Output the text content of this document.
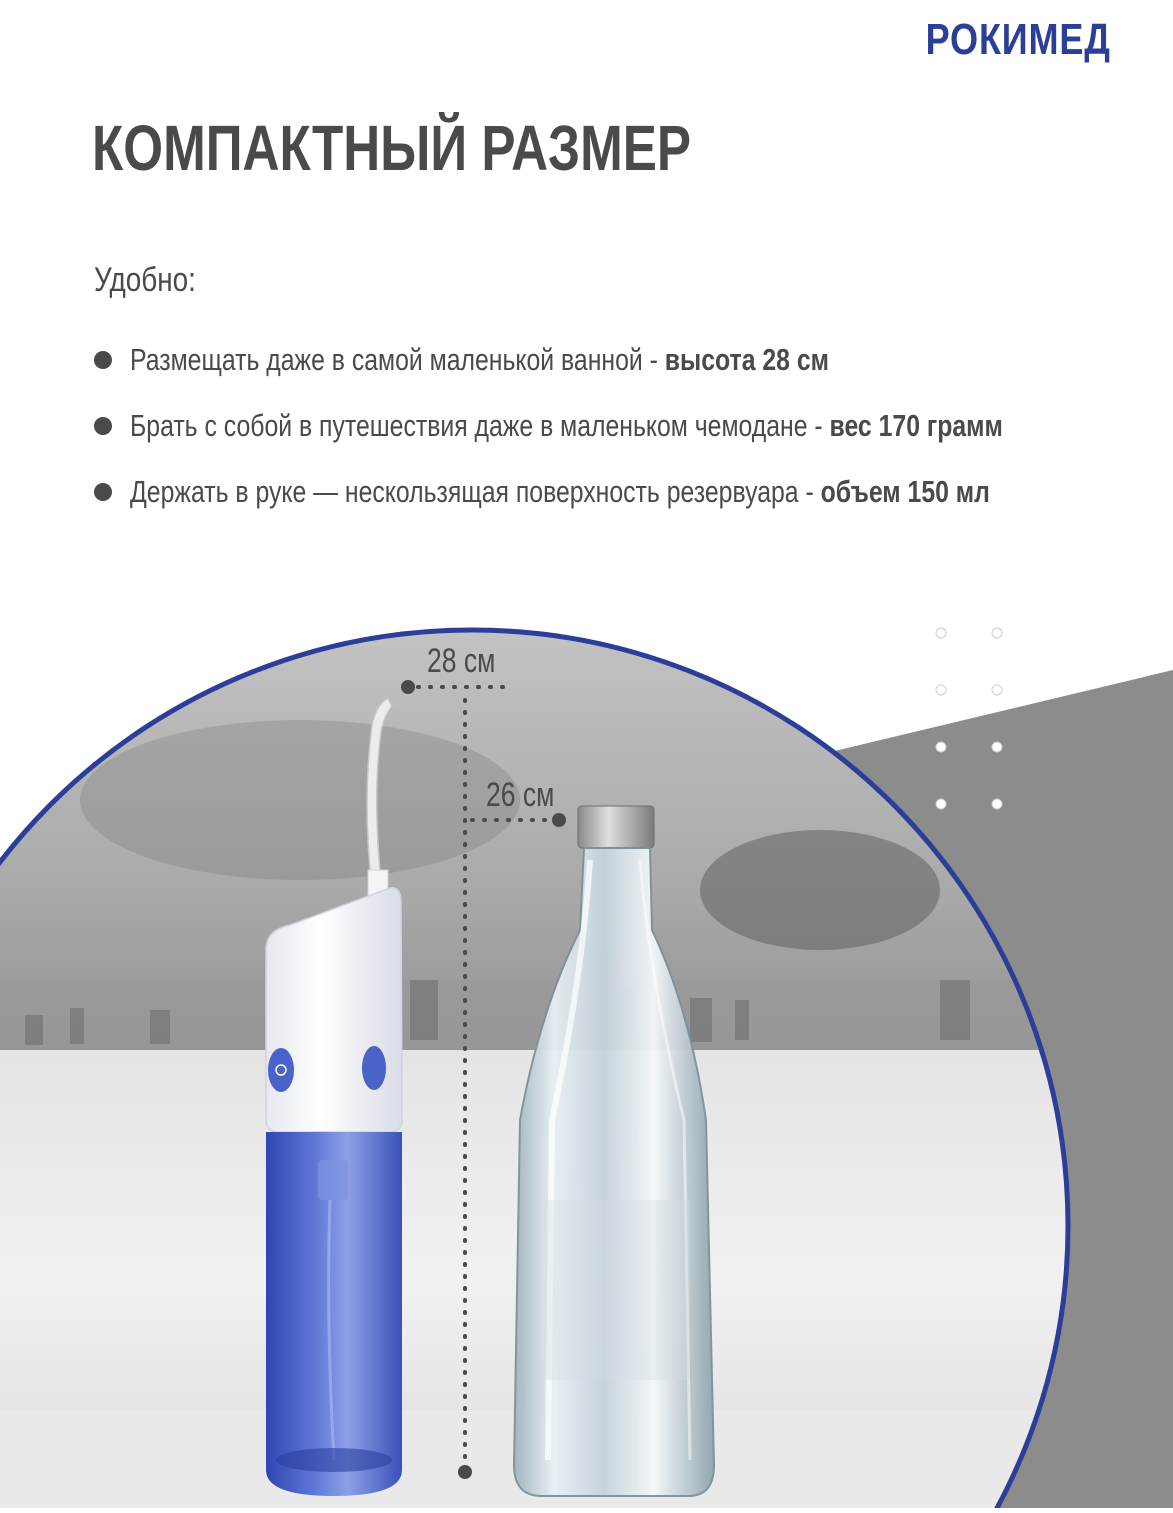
РОКИМЕД
КОМПАКТНЫЙ РАЗМЕР
Удобно:
Размещать даже в самой маленькой ванной - высота 28 см
Брать с собой в путешествия даже в маленьком чемодане - вес 170 грамм
Держать в руке — нескользящая поверхность резервуара - объем 150 мл
28 см
26 см
